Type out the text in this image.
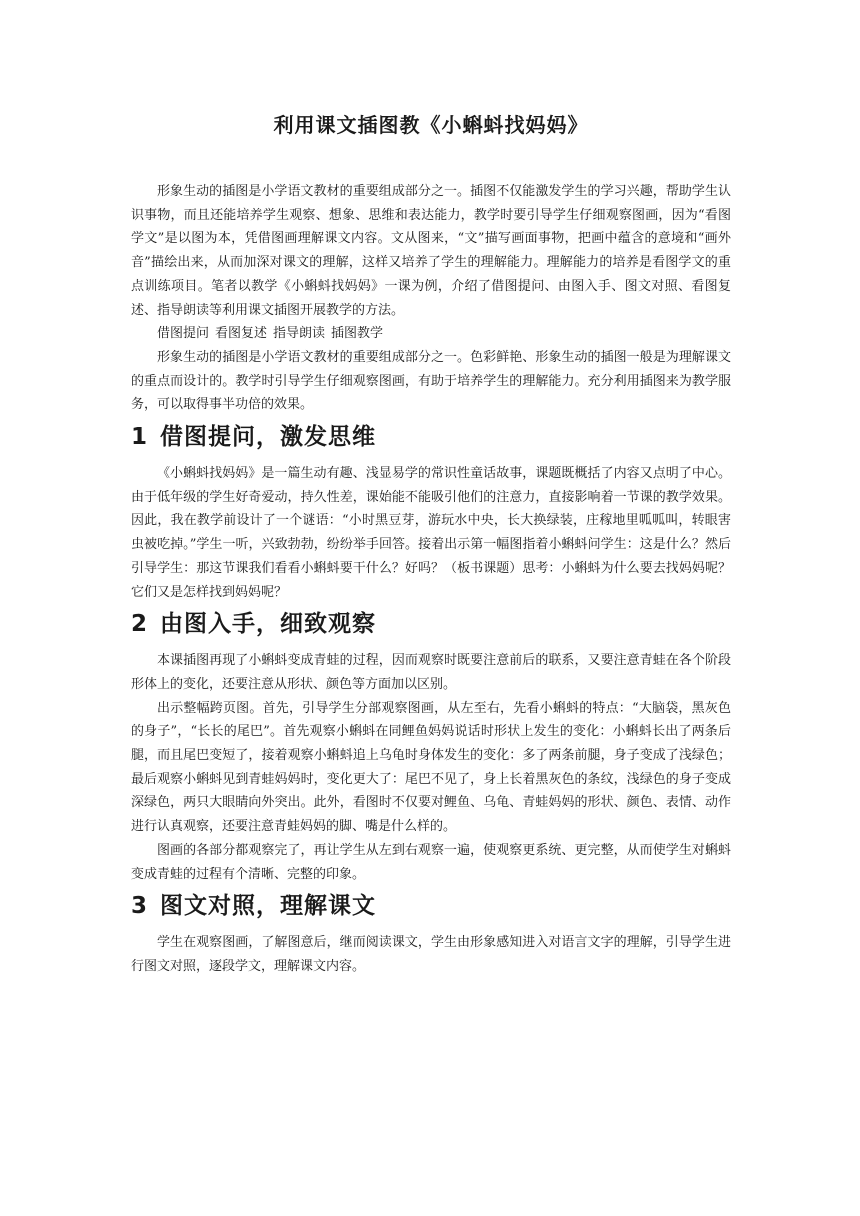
利用课文插图教《小蝌蚪找妈妈》

形象生动的插图是小学语文教材的重要组成部分之一。插图不仅能激发学生的学习兴趣，帮助学生认识事物，而且还能培养学生观察、想象、思维和表达能力，教学时要引导学生仔细观察图画，因为“看图学文”是以图为本，凭借图画理解课文内容。文从图来，“文”描写画面事物，把画中蕴含的意境和“画外音”描绘出来，从而加深对课文的理解，这样又培养了学生的理解能力。理解能力的培养是看图学文的重点训练项目。笔者以教学《小蝌蚪找妈妈》一课为例，介绍了借图提问、由图入手、图文对照、看图复述、指导朗读等利用课文插图开展教学的方法。

借图提问 看图复述 指导朗读 插图教学

形象生动的插图是小学语文教材的重要组成部分之一。色彩鲜艳、形象生动的插图一般是为理解课文的重点而设计的。教学时引导学生仔细观察图画，有助于培养学生的理解能力。充分利用插图来为教学服务，可以取得事半功倍的效果。

1 借图提问，激发思维

《小蝌蚪找妈妈》是一篇生动有趣、浅显易学的常识性童话故事，课题既概括了内容又点明了中心。由于低年级的学生好奇爱动，持久性差，课始能不能吸引他们的注意力，直接影响着一节课的教学效果。因此，我在教学前设计了一个谜语：“小时黑豆芽，游玩水中央，长大换绿装，庄稼地里呱呱叫，转眼害虫被吃掉。”学生一听，兴致勃勃，纷纷举手回答。接着出示第一幅图指着小蝌蚪问学生：这是什么？然后引导学生：那这节课我们看看小蝌蚪要干什么？好吗？（板书课题）思考：小蝌蚪为什么要去找妈妈呢？它们又是怎样找到妈妈呢？

2 由图入手，细致观察

本课插图再现了小蝌蚪变成青蛙的过程，因而观察时既要注意前后的联系，又要注意青蛙在各个阶段形体上的变化，还要注意从形状、颜色等方面加以区别。

出示整幅跨页图。首先，引导学生分部观察图画，从左至右，先看小蝌蚪的特点：“大脑袋，黑灰色的身子”，“长长的尾巴”。首先观察小蝌蚪在同鲤鱼妈妈说话时形状上发生的变化：小蝌蚪长出了两条后腿，而且尾巴变短了，接着观察小蝌蚪追上乌龟时身体发生的变化：多了两条前腿，身子变成了浅绿色；最后观察小蝌蚪见到青蛙妈妈时，变化更大了：尾巴不见了，身上长着黑灰色的条纹，浅绿色的身子变成深绿色，两只大眼睛向外突出。此外，看图时不仅要对鲤鱼、乌龟、青蛙妈妈的形状、颜色、表情、动作进行认真观察，还要注意青蛙妈妈的脚、嘴是什么样的。

图画的各部分都观察完了，再让学生从左到右观察一遍，使观察更系统、更完整，从而使学生对蝌蚪变成青蛙的过程有个清晰、完整的印象。

3 图文对照，理解课文

学生在观察图画，了解图意后，继而阅读课文，学生由形象感知进入对语言文字的理解，引导学生进行图文对照，逐段学文，理解课文内容。
